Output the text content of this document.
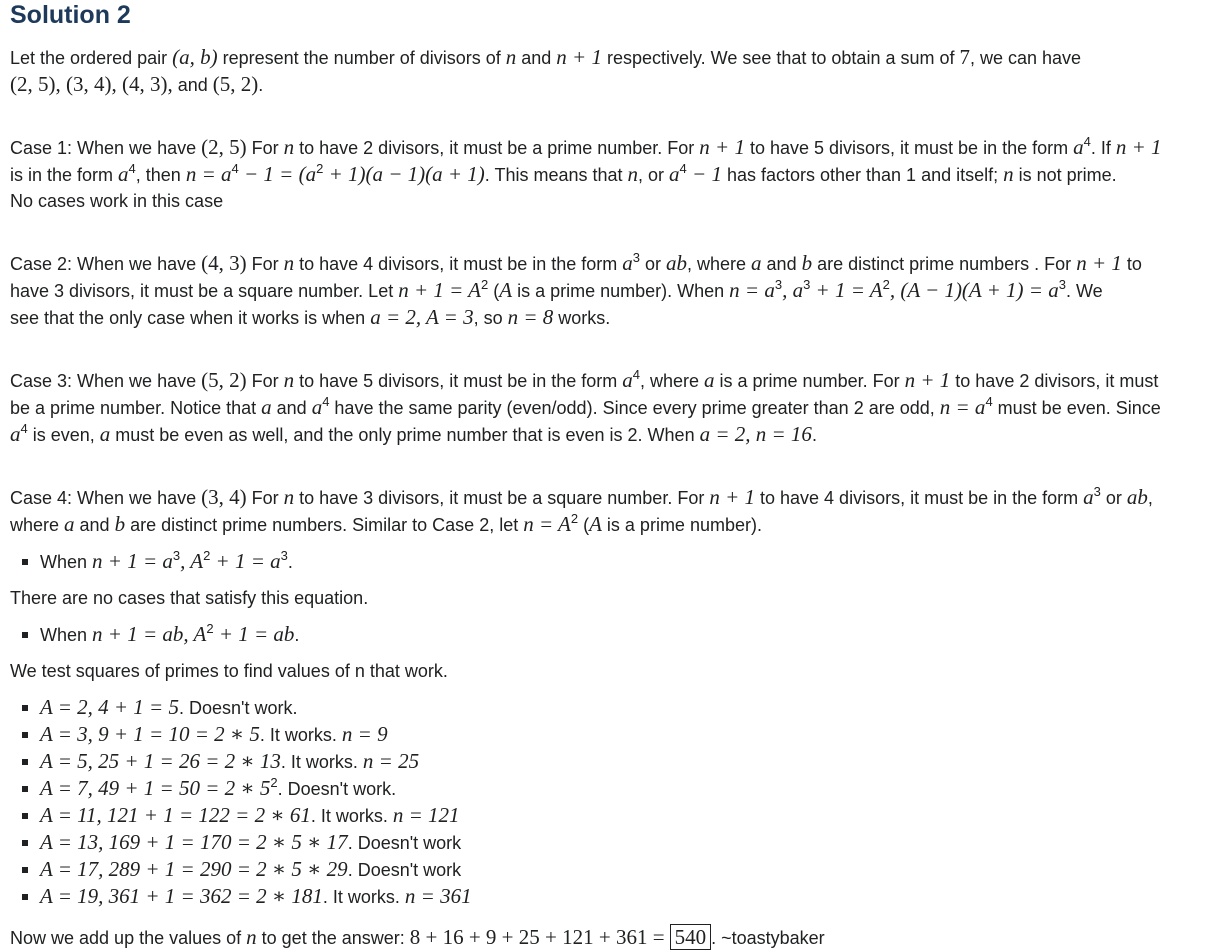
Solution 2

Let the ordered pair (a, b) represent the number of divisors of n and n + 1 respectively. We see that to obtain a sum of 7, we can have
(2, 5), (3, 4), (4, 3), and (5, 2).

Case 1: When we have (2, 5) For n to have 2 divisors, it must be a prime number. For n + 1 to have 5 divisors, it must be in the form $a^4$. If n + 1
is in the form $a^4$, then $n = a^4 - 1 = (a^2 + 1)(a - 1)(a + 1)$. This means that n, or $a^4 - 1$ has factors other than 1 and itself; n is not prime.
No cases work in this case

Case 2: When we have (4, 3) For n to have 4 divisors, it must be in the form $a^3$ or ab, where a and b are distinct prime numbers . For n + 1 to
have 3 divisors, it must be a square number. Let $n + 1 = A^2$ (A is a prime number). When $n = a^3$, $a^3 + 1 = A^2$, $(A - 1)(A + 1) = a^3$. We
see that the only case when it works is when a = 2, A = 3, so n = 8 works.

Case 3: When we have (5, 2) For n to have 5 divisors, it must be in the form $a^4$, where a is a prime number. For n + 1 to have 2 divisors, it must
be a prime number. Notice that a and $a^4$ have the same parity (even/odd). Since every prime greater than 2 are odd, $n = a^4$ must be even. Since
$a^4$ is even, a must be even as well, and the only prime number that is even is 2. When a = 2, n = 16.

Case 4: When we have (3, 4) For n to have 3 divisors, it must be a square number. For n + 1 to have 4 divisors, it must be in the form $a^3$ or ab,
where a and b are distinct prime numbers. Similar to Case 2, let $n = A^2$ (A is a prime number).

When $n + 1 = a^3$, $A^2 + 1 = a^3$.

There are no cases that satisfy this equation.

When n + 1 = ab, $A^2 + 1$ = ab.

We test squares of primes to find values of n that work.

A = 2, 4 + 1 = 5. Doesn't work.
A = 3, 9 + 1 = 10 = 2 ∗ 5. It works. n = 9
A = 5, 25 + 1 = 26 = 2 ∗ 13. It works. n = 25
A = 7, 49 + 1 = 50 = 2 ∗ $5^2$. Doesn't work.
A = 11, 121 + 1 = 122 = 2 ∗ 61. It works. n = 121
A = 13, 169 + 1 = 170 = 2 ∗ 5 ∗ 17. Doesn't work
A = 17, 289 + 1 = 290 = 2 ∗ 5 ∗ 29. Doesn't work
A = 19, 361 + 1 = 362 = 2 ∗ 181. It works. n = 361

Now we add up the values of n to get the answer: 8 + 16 + 9 + 25 + 121 + 361 = 540 . ~toastybaker
